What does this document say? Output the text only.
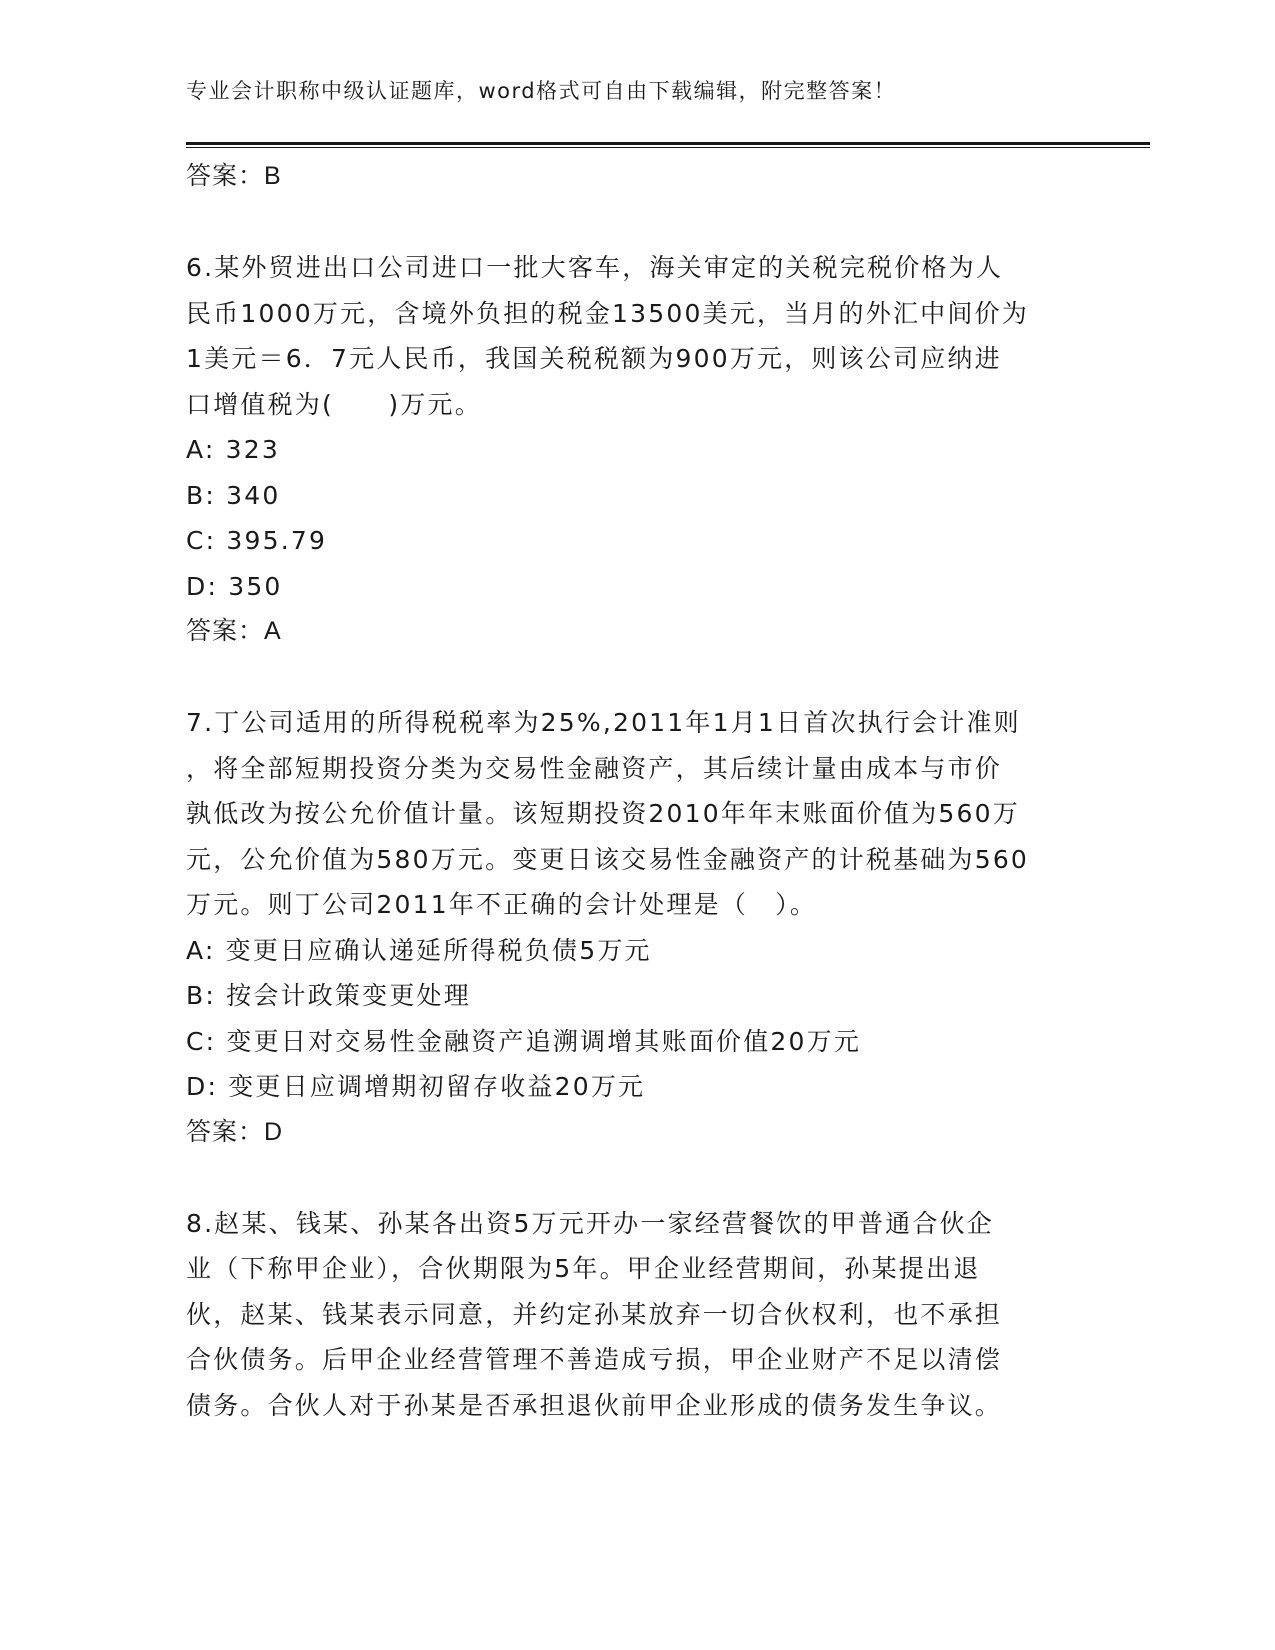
专业会计职称中级认证题库，word格式可自由下载编辑，附完整答案！
答案：B
6.某外贸进出口公司进口一批大客车，海关审定的关税完税价格为人
民币1000万元，含境外负担的税金13500美元，当月的外汇中间价为
1美元＝6．7元人民币，我国关税税额为900万元，则该公司应纳进
口增值税为(　　)万元。
A: 323
B: 340
C: 395.79
D: 350
答案：A
7.丁公司适用的所得税税率为25%,2011年1月1日首次执行会计准则
，将全部短期投资分类为交易性金融资产，其后续计量由成本与市价
孰低改为按公允价值计量。该短期投资2010年年末账面价值为560万
元，公允价值为580万元。变更日该交易性金融资产的计税基础为560
万元。则丁公司2011年不正确的会计处理是（　）。
A: 变更日应确认递延所得税负债5万元
B: 按会计政策变更处理
C: 变更日对交易性金融资产追溯调增其账面价值20万元
D: 变更日应调增期初留存收益20万元
答案：D
8.赵某、钱某、孙某各出资5万元开办一家经营餐饮的甲普通合伙企
业（下称甲企业），合伙期限为5年。甲企业经营期间，孙某提出退
伙，赵某、钱某表示同意，并约定孙某放弃一切合伙权利，也不承担
合伙债务。后甲企业经营管理不善造成亏损，甲企业财产不足以清偿
债务。合伙人对于孙某是否承担退伙前甲企业形成的债务发生争议。
